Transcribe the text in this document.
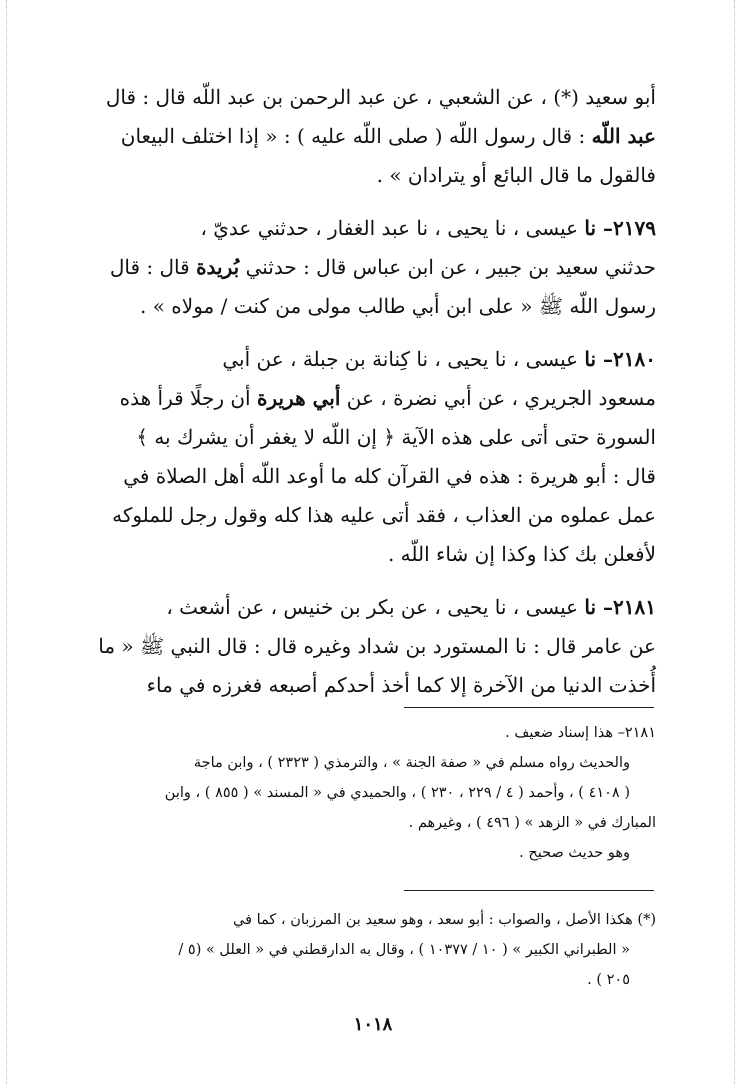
أبو سعيد (*) ، عن الشعبي ، عن عبد الرحمن بن عبد اللّه قال : قال

عبد اللّه : قال رسول اللّه ( صلى اللّه عليه ) : « إذا اختلف البيعان

فالقول ما قال البائع أو يترادان » .

٢١٧٩– نا عيسى ، نا يحيى ، نا عبد الغفار ، حدثني عديّ ،

حدثني سعيد بن جبير ، عن ابن عباس قال : حدثني بُريدة قال : قال

رسول اللّه ﷺ « على ابن أبي طالب مولى من كنت / مولاه » .

٢١٨٠– نا عيسى ، نا يحيى ، نا كِنانة بن جبلة ، عن أبي

مسعود الجريري ، عن أبي نضرة ، عن أبي هريرة أن رجلًا قرأ هذه

السورة حتى أتى على هذه الآية ﴿ إن اللّه لا يغفر أن يشرك به ﴾

قال : أبو هريرة : هذه في القرآن كله ما أوعد اللّه أهل الصلاة في

عمل عملوه من العذاب ، فقد أتى عليه هذا كله وقول رجل للملوكه

لأفعلن بك كذا وكذا إن شاء اللّه .

٢١٨١– نا عيسى ، نا يحيى ، عن بكر بن خنيس ، عن أشعث ،

عن عامر قال : نا المستورد بن شداد وغيره قال : قال النبي ﷺ « ما

أُخذت الدنيا من الآخرة إلا كما أخذ أحدكم أصبعه فغرزه في ماء

٢١٨١– هذا إسناد ضعيف .

والحديث رواه مسلم في « صفة الجنة » ، والترمذي ( ٢٣٢٣ ) ، وابن ماجة

( ٤١٠٨ ) ، وأحمد ( ٤ / ٢٢٩ ، ٢٣٠ ) ، والحميدي في « المسند » ( ٨٥٥ ) ، وابن

المبارك في « الزهد » ( ٤٩٦ ) ، وغيرهم .

وهو حديث صحيح .

(*) هكذا الأصل ، والصواب : أبو سعد ، وهو سعيد بن المرزبان ، كما في

« الطبراني الكبير » ( ١٠ / ١٠٣٧٧ ) ، وقال به الدارقطني في « العلل » (٥ /

٢٠٥ ) .

١٠١٨
